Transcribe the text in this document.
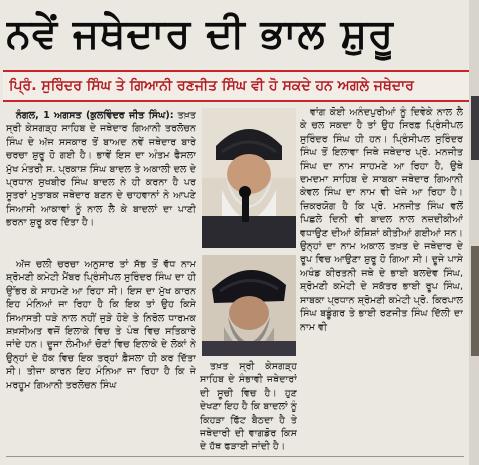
ਨਵੇਂ ਜਥੇਦਾਰ ਦੀ ਭਾਲ ਸ਼ੁਰੂ
ਪ੍ਰਿੰ. ਸੁਰਿੰਦਰ ਸਿੰਘ ਤੇ ਗਿਆਨੀ ਰਣਜੀਤ ਸਿੰਘ ਵੀ ਹੋ ਸਕਦੇ ਹਨ ਅਗਲੇ ਜਥੇਦਾਰ

ਨੰਗਲ, 1 ਅਗਸਤ (ਕੁਲਵਿੰਦਰ ਜੀਤ ਸਿੰਘ): ਤਖ਼ਤ ਸ੍ਰੀ ਕੇਸਗੜ੍ਹ ਸਾਹਿਬ ਦੇ ਜਥੇਦਾਰ ਗਿਆਨੀ ਤਰਲੋਚਨ ਸਿੰਘ ਦੇ ਅੱਜ ਸਸਕਾਰ ਤੋਂ ਬਾਅਦ ਨਵੇਂ ਜਥੇਦਾਰ ਬਾਰੇ ਚਰਚਾ ਸ਼ੁਰੂ ਹੋ ਗਈ ਹੈ। ਭਾਵੇਂ ਇਸ ਦਾ ਅੰਤਮ ਫੈਸਲਾ ਮੁੱਖ ਮੰਤਰੀ ਸ. ਪ੍ਰਕਾਸ਼ ਸਿੰਘ ਬਾਦਲ ਤੇ ਅਕਾਲੀ ਦਲ ਦੇ ਪ੍ਰਧਾਨ ਸੁਖਬੀਰ ਸਿੰਘ ਬਾਦਲ ਨੇ ਹੀ ਕਰਨਾ ਹੈ ਪਰ ਸੂਤਰਾਂ ਮੁਤਾਬਕ ਜਥੇਦਾਰ ਬਣਨ ਦੇ ਚਾਹਵਾਨਾਂ ਨੇ ਆਪਣੇ ਸਿਆਸੀ ਆਕਾਵਾਂ ਨੂੰ ਨਾਲ ਲੈ ਕੇ ਬਾਦਲਾਂ ਦਾ ਪਾਣੀ ਭਰਨਾ ਸ਼ੁਰੂ ਕਰ ਦਿੱਤਾ ਹੈ।

ਅੱਜ ਚਲੀ ਚਰਚਾ ਅਨੁਸਾਰ ਤਾਂ ਸੱਭ ਤੋਂ ਵੱਧ ਨਾਮ ਸ਼੍ਰੋਮਣੀ ਕਮੇਟੀ ਮੈਂਬਰ ਪ੍ਰਿੰਸੀਪਲ ਸੁਰਿੰਦਰ ਸਿੰਘ ਦਾ ਹੀ ਉੱਭਰ ਕੇ ਸਾਹਮਣੇ ਆ ਰਿਹਾ ਸੀ। ਇਸ ਦਾ ਮੁੱਖ ਕਾਰਨ ਇਹ ਮੰਨਿਆਂ ਜਾ ਰਿਹਾ ਹੈ ਕਿ ਇਕ ਤਾਂ ਉਹ ਕਿਸੇ ਸਿਆਸਤੀ ਧੜੇ ਨਾਲ ਨਹੀਂ ਜੁੜੇ ਹੋਏ ਤੇ ਨਿਰੋਲ ਧਾਰਮਕ ਸ਼ਖ਼ਸੀਅਤ ਵਜੋਂ ਇਲਾਕੇ ਵਿਚ ਤੇ ਪੰਥ ਵਿਚ ਸਤਿਕਾਰੇ ਜਾਂਦੇ ਹਨ। ਦੂਜਾ ਲੰਮੀਆਂ ਚੋਣਾਂ ਵਿਚ ਇਲਾਕੇ ਦੇ ਲੋਕਾਂ ਨੇ ਉਨ੍ਹਾਂ ਦੇ ਹੱਕ ਵਿਚ ਇਕ ਤਰ੍ਹਾਂ ਫ਼ੈਸਲਾ ਹੀ ਕਰ ਦਿੱਤਾ ਸੀ। ਤੀਜਾ ਕਾਰਨ ਇਹ ਮੰਨਿਆ ਜਾ ਰਿਹਾ ਹੈ ਕਿ ਜੇ ਮਰਹੂਮ ਗਿਆਨੀ ਤਰਲੋਚਨ ਸਿੰਘ

ਤਖ਼ਤ ਸ੍ਰੀ ਕੇਸਗੜ੍ਹ ਸਾਹਿਬ ਦੇ ਸੰਭਾਵੀ ਜਥੇਦਾਰਾਂ ਦੀ ਸੂਚੀ ਵਿਚ ਹੈ। ਹੁਣ ਦੇਖਣਾ ਇਹ ਹੈ ਕਿ ਬਾਦਲਾਂ ਨੂੰ ਕਿਹੜਾ ਫਿੱਟ ਬੈਠਦਾ ਹੈ ਤੇ ਜਥੇਦਾਰੀ ਦੀ ਵਾਗਡੋਰ ਕਿਸ ਦੇ ਹੱਥ ਫੜਾਈ ਜਾਂਦੀ ਹੈ।

ਵਾਂਗ ਕੋਈ ਅਨੰਦਪੁਰੀਆਂ ਨੂੰ ਦਿਵੇਕੇ ਨਾਲ ਲੈ ਕੇ ਚਲ ਸਕਦਾ ਹੈ ਤਾਂ ਉਹ ਸਿਰਫ਼ ਪ੍ਰਿੰਸੀਪਲ ਸੁਰਿੰਦਰ ਸਿੰਘ ਹੀ ਹਨ। ਪ੍ਰਿੰਸੀਪਲ ਸੁਰਿੰਦਰ ਸਿੰਘ ਤੋਂ ਇਲਾਵਾ ਜਿਥੇ ਜਥੇਦਾਰ ਪ੍ਰੋ. ਮਨਜੀਤ ਸਿੰਘ ਦਾ ਨਾਮ ਸਾਹਮਣੇ ਆ ਰਿਹਾ ਹੈ, ਉਥੇ ਦਮਦਮਾ ਸਾਹਿਬ ਦੇ ਸਾਬਕਾ ਜਥੇਦਾਰ ਗਿਆਨੀ ਕੇਵਲ ਸਿੰਘ ਦਾ ਨਾਮ ਵੀ ਖੋਜੇ ਆ ਰਿਹਾ ਹੈ। ਜ਼ਿਕਰਯੋਗ ਹੈ ਕਿ ਪ੍ਰੋ. ਮਨਜੀਤ ਸਿੰਘ ਵਲੋਂ ਪਿਛਲੇ ਦਿਨੀ ਵੀ ਬਾਦਲ ਨਾਲ ਨਜ਼ਦੀਕੀਆਂ ਵਧਾਉਣ ਦੀਆਂ ਕੋਸ਼ਿਸ਼ਾਂ ਕੀਤੀਆਂ ਗਈਆਂ ਸਨ। ਉਨ੍ਹਾਂ ਦਾ ਨਾਮ ਅਕਾਲ ਤਖ਼ਤ ਦੇ ਜਥੇਦਾਰ ਦੇ ਰੂਪ ਵਿਚ ਆਉਣਾ ਸ਼ੁਰੂ ਹੋ ਗਿਆ ਸੀ। ਦੂਜੇ ਪਾਸੇ ਅਖੰਡ ਕੀਰਤਨੀ ਜਥੇ ਦੇ ਭਾਈ ਬਲਦੇਵ ਸਿੰਘ, ਸ਼੍ਰੋਮਣੀ ਕਮੇਟੀ ਦੇ ਸਕੱਤਰ ਭਾਈ ਰੂਪ ਸਿੰਘ, ਸਾਬਕਾ ਪ੍ਰਧਾਨ ਸ਼੍ਰੋਮਣੀ ਕਮੇਟੀ ਪ੍ਰੋ. ਕਿਰਪਾਲ ਸਿੰਘ ਬਡੂੰਗਰ ਤੇ ਭਾਈ ਰਣਜੀਤ ਸਿੰਘ ਦਿੱਲੀ ਦਾ ਨਾਮ ਵੀ
